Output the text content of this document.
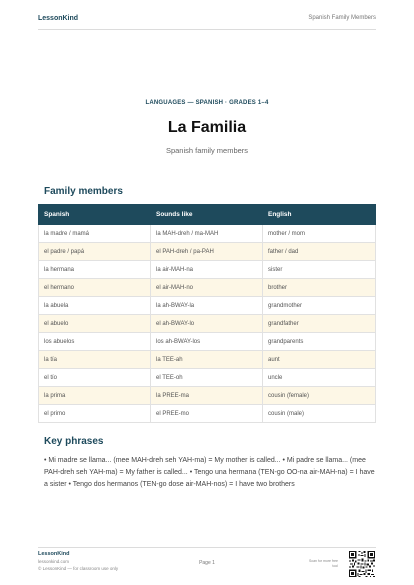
LessonKind	Spanish Family Members
LANGUAGES — SPANISH · GRADES 1–4
La Familia
Spanish family members
Family members
Spanish	Sounds like	English
la madre / mamá	la MAH-dreh / ma-MAH	mother / mom
el padre / papá	el PAH-dreh / pa-PAH	father / dad
la hermana	la air-MAH-na	sister
el hermano	el air-MAH-no	brother
la abuela	la ah-BWAY-la	grandmother
el abuelo	el ah-BWAY-lo	grandfather
los abuelos	los ah-BWAY-los	grandparents
la tía	la TEE-ah	aunt
el tío	el TEE-oh	uncle
la prima	la PREE-ma	cousin (female)
el primo	el PREE-mo	cousin (male)
Key phrases
• Mi madre se llama... (mee MAH-dreh seh YAH-ma) = My mother is called... • Mi padre se llama... (mee PAH-dreh seh YAH-ma) = My father is called... • Tengo una hermana (TEN-go OO-na air-MAH-na) = I have a sister • Tengo dos hermanos (TEN-go dose air-MAH-nos) = I have two brothers
LessonKind
lessonkind.com
© LessonKind — for classroom use only
Page 1	Scan for more free tool
